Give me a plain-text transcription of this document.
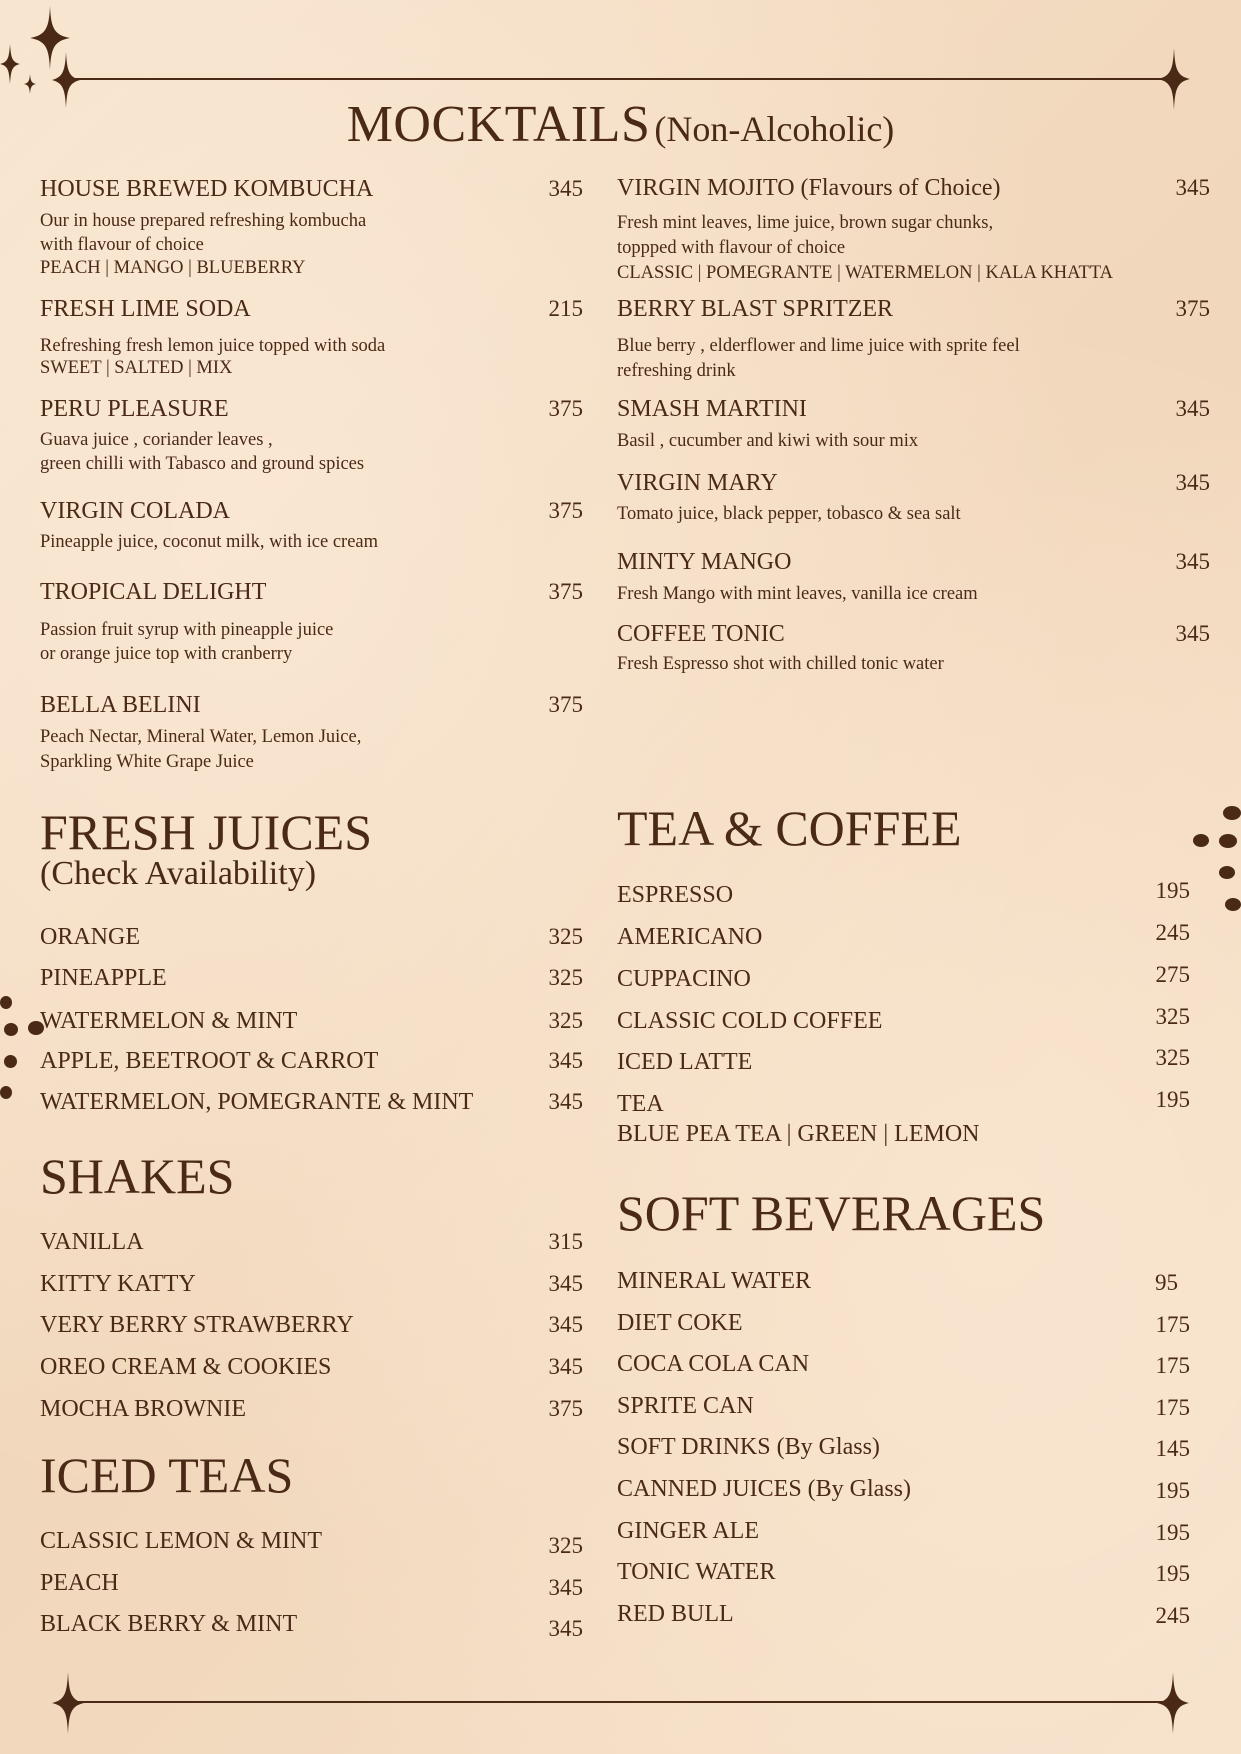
MOCKTAILS (Non-Alcoholic)
HOUSE BREWED KOMBUCHA	345
Our in house prepared refreshing kombucha
with flavour of choice
PEACH | MANGO | BLUEBERRY
FRESH LIME SODA	215
Refreshing fresh lemon juice topped with soda
SWEET | SALTED | MIX
PERU PLEASURE	375
Guava juice , coriander leaves ,
green chilli with Tabasco and ground spices
VIRGIN COLADA	375
Pineapple juice, coconut milk, with ice cream
TROPICAL DELIGHT	375
Passion fruit syrup with pineapple juice
or orange juice top with cranberry
BELLA BELINI	375
Peach Nectar, Mineral Water, Lemon Juice,
Sparkling White Grape Juice
VIRGIN MOJITO (Flavours of Choice)	345
Fresh mint leaves, lime juice, brown sugar chunks,
toppped with flavour of choice
CLASSIC | POMEGRANTE | WATERMELON | KALA KHATTA
BERRY BLAST SPRITZER	375
Blue berry , elderflower and lime juice with sprite feel
refreshing drink
SMASH MARTINI	345
Basil , cucumber and kiwi with sour mix
VIRGIN MARY	345
Tomato juice, black pepper, tobasco & sea salt
MINTY MANGO	345
Fresh Mango with mint leaves, vanilla ice cream
COFFEE TONIC	345
Fresh Espresso shot with chilled tonic water
FRESH JUICES
(Check Availability)
ORANGE	325
PINEAPPLE	325
WATERMELON & MINT	325
APPLE, BEETROOT & CARROT	345
WATERMELON, POMEGRANTE & MINT	345
SHAKES
VANILLA	315
KITTY KATTY	345
VERY BERRY STRAWBERRY	345
OREO CREAM & COOKIES	345
MOCHA BROWNIE	375
ICED TEAS
CLASSIC LEMON & MINT	325
PEACH	345
BLACK BERRY & MINT	345
TEA & COFFEE
ESPRESSO	195
AMERICANO	245
CUPPACINO	275
CLASSIC COLD COFFEE	325
ICED LATTE	325
TEA	195
BLUE PEA TEA | GREEN | LEMON
SOFT BEVERAGES
MINERAL WATER	95
DIET COKE	175
COCA COLA CAN	175
SPRITE CAN	175
SOFT DRINKS (By Glass)	145
CANNED JUICES (By Glass)	195
GINGER ALE	195
TONIC WATER	195
RED BULL	245
